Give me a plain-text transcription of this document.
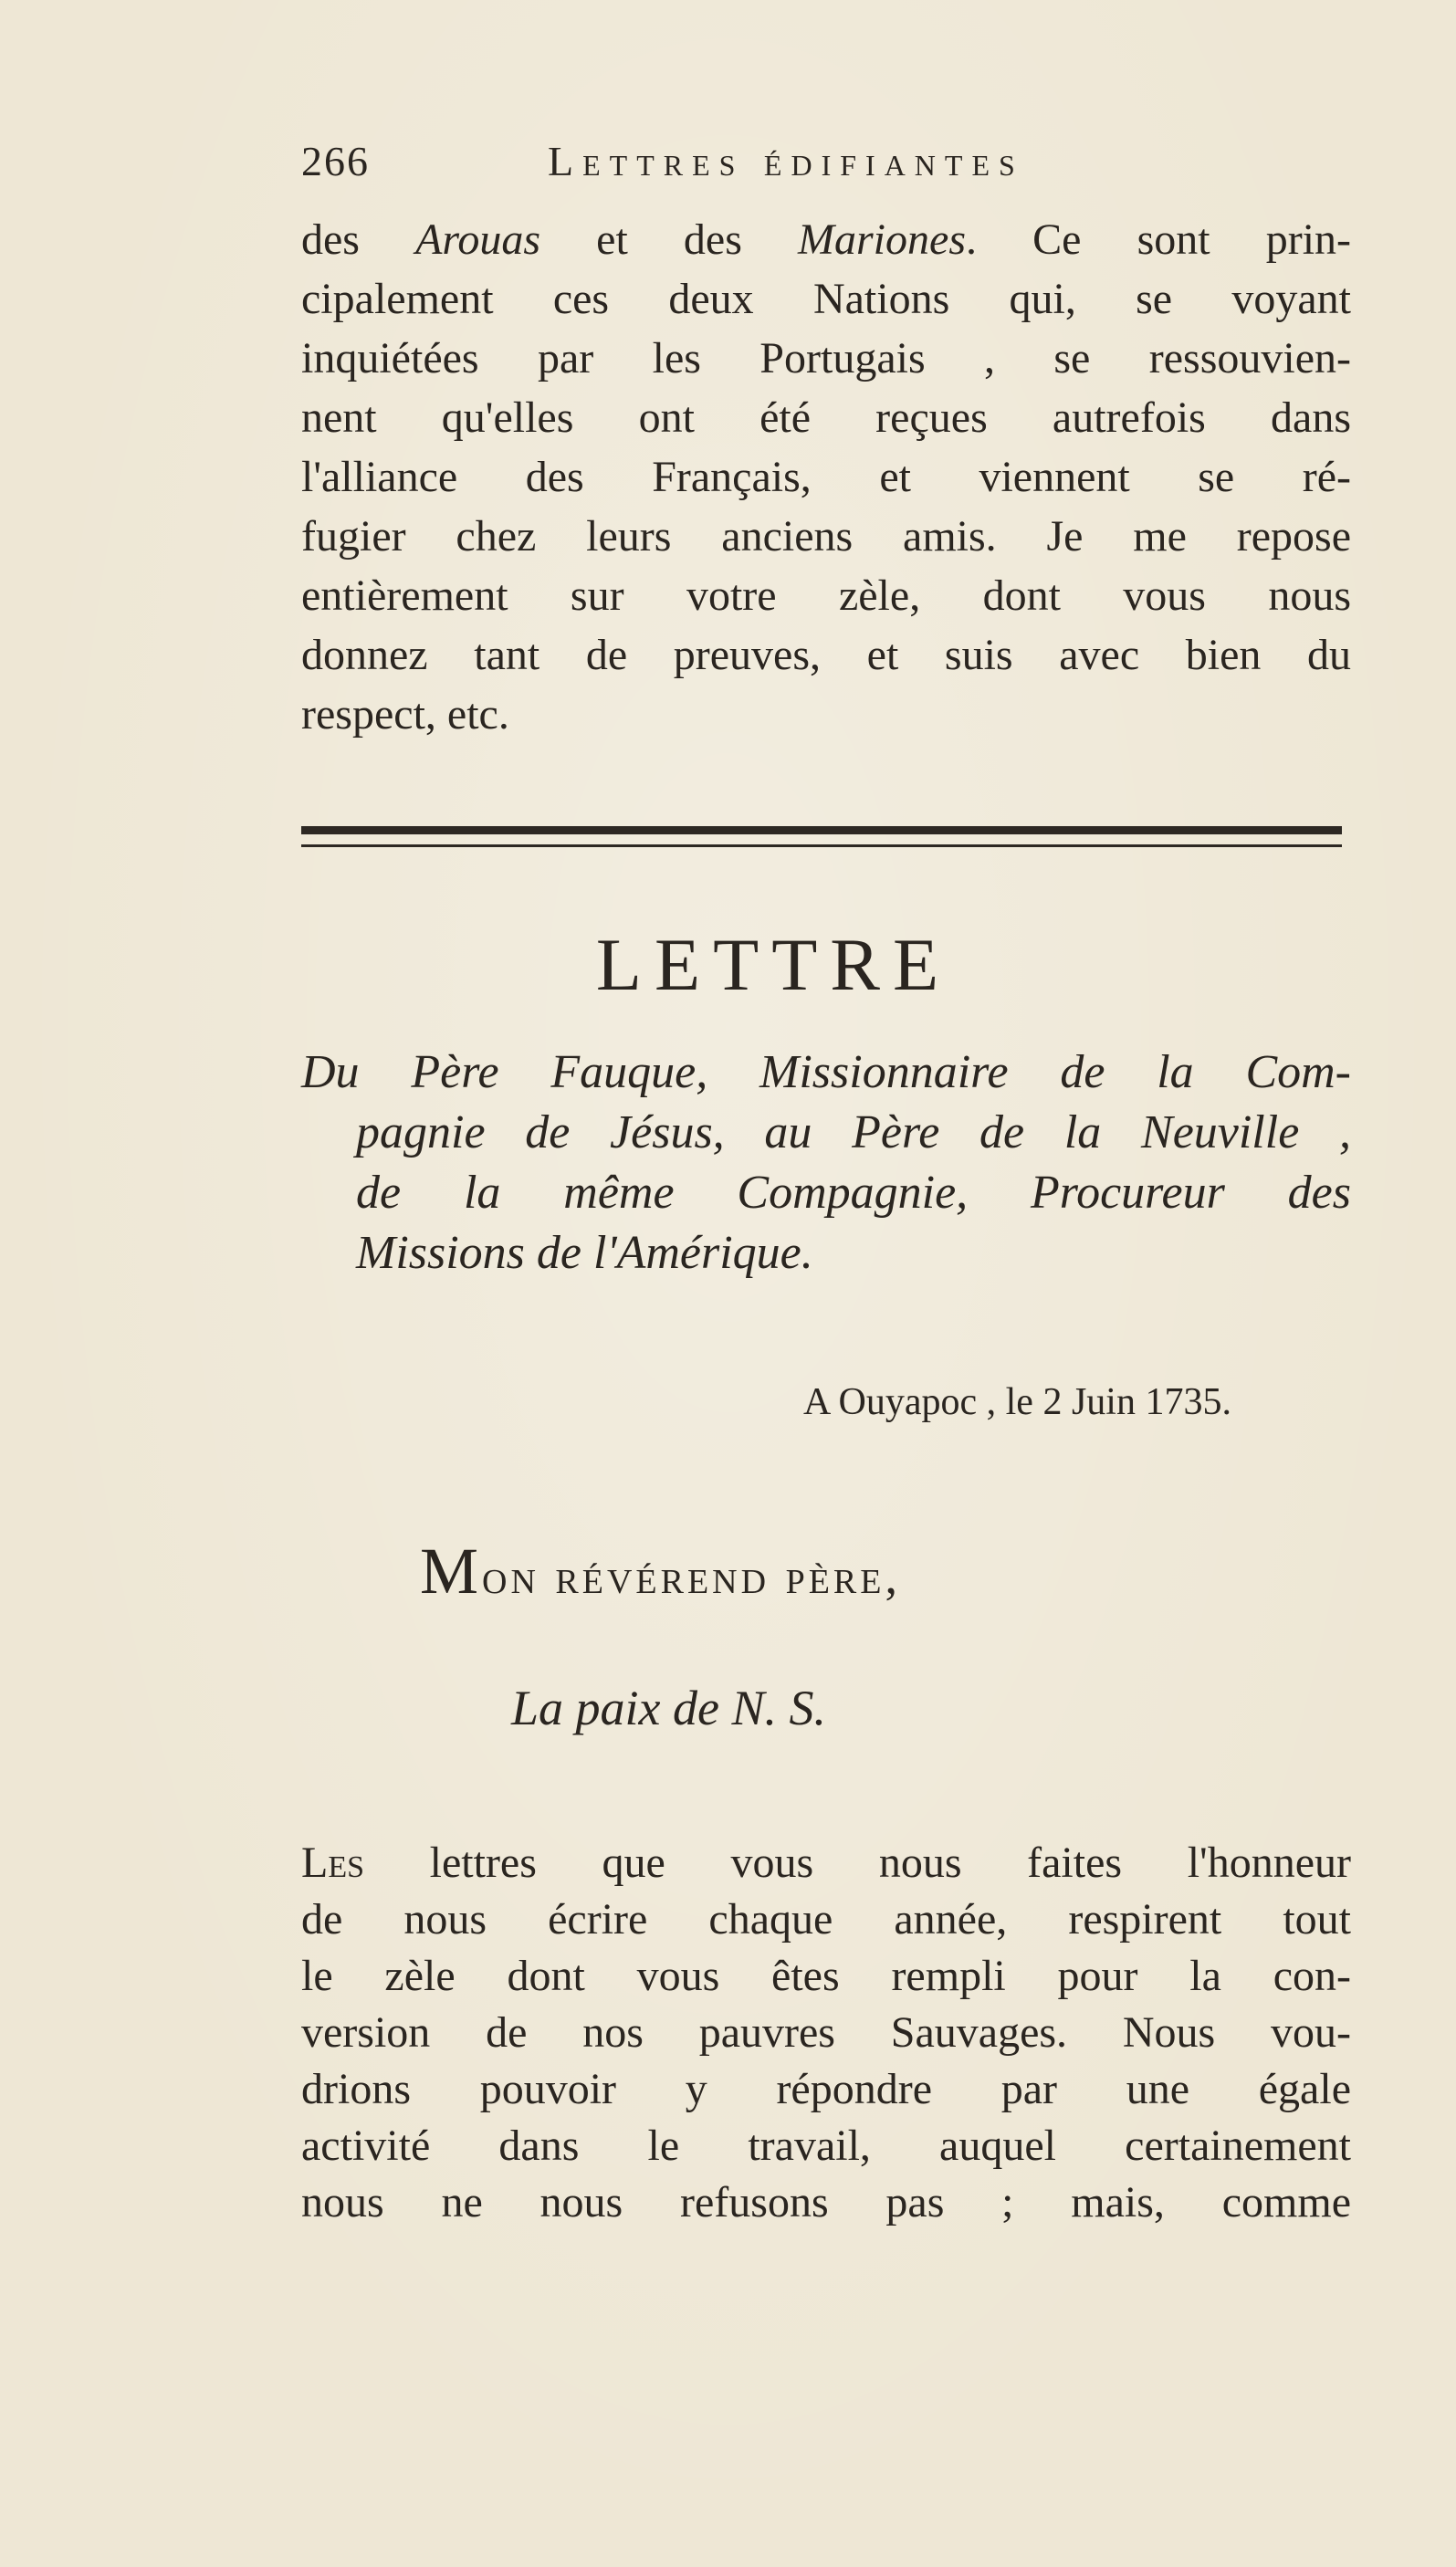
266	Lettres édifiantes
des Arouas et des Mariones. Ce sont prin-
cipalement ces deux Nations qui, se voyant
inquiétées par les Portugais , se ressouvien-
nent qu'elles ont été reçues autrefois dans
l'alliance des Français, et viennent se ré-
fugier chez leurs anciens amis. Je me repose
entièrement sur votre zèle, dont vous nous
donnez tant de preuves, et suis avec bien du
respect, etc.
LETTRE
Du Père Fauque, Missionnaire de la Com-
pagnie de Jésus, au Père de la Neuville ,
de la même Compagnie, Procureur des
Missions de l'Amérique.
A Ouyapoc , le 2 Juin 1735.
Mon révérend père,
La paix de N. S.
Les lettres que vous nous faites l'honneur
de nous écrire chaque année, respirent tout
le zèle dont vous êtes rempli pour la con-
version de nos pauvres Sauvages. Nous vou-
drions pouvoir y répondre par une égale
activité dans le travail, auquel certainement
nous ne nous refusons pas ; mais, comme
